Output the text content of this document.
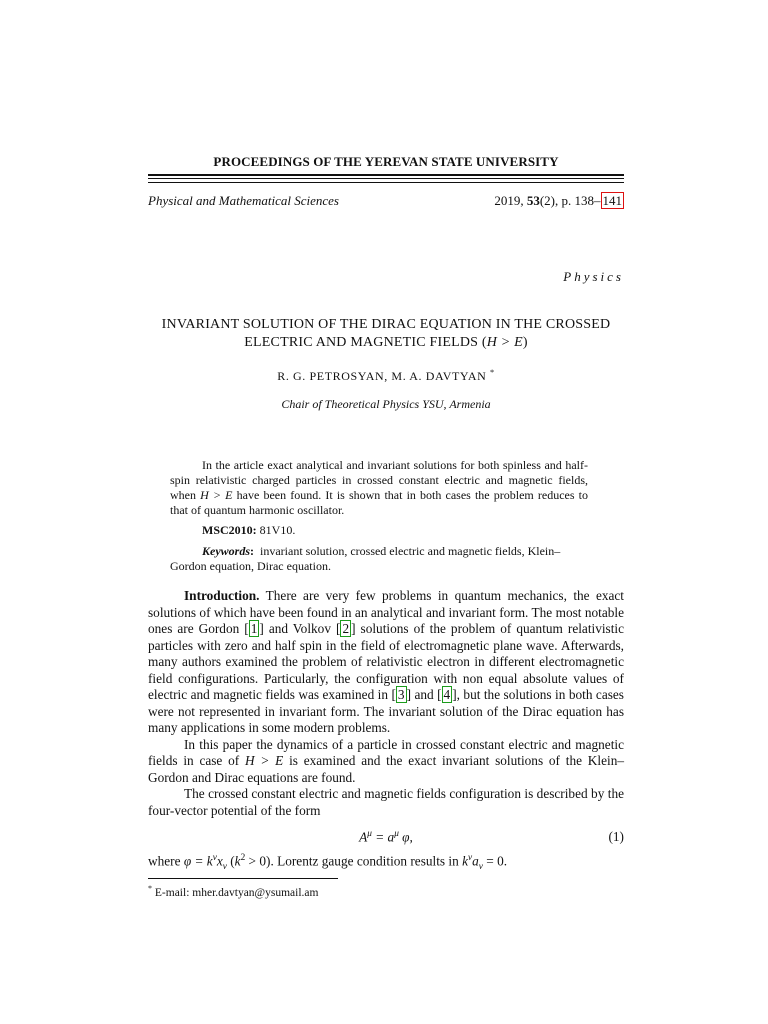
PROCEEDINGS OF THE YEREVAN STATE UNIVERSITY
Physical and Mathematical Sciences	2019, 53(2), p. 138– 141
Physics
INVARIANT SOLUTION OF THE DIRAC EQUATION IN THE CROSSED
ELECTRIC AND MAGNETIC FIELDS (H > E)
R. G. PETROSYAN, M. A. DAVTYAN *
Chair of Theoretical Physics YSU, Armenia

In the article exact analytical and invariant solutions for both spinless and half-spin relativistic charged particles in crossed constant electric and magnetic fields, when H > E have been found. It is shown that in both cases the problem reduces to that of quantum harmonic oscillator.

MSC2010: 81V10.
Keywords: invariant solution, crossed electric and magnetic fields, Klein–Gordon equation, Dirac equation.

Introduction. There are very few problems in quantum mechanics, the exact solutions of which have been found in an analytical and invariant form. The most notable ones are Gordon [ 1 ] and Volkov [ 2 ] solutions of the problem of quantum relativistic particles with zero and half spin in the field of electromagnetic plane wave. Afterwards, many authors examined the problem of relativistic electron in different electromagnetic field configurations. Particularly, the configuration with non equal absolute values of electric and magnetic fields was examined in [ 3 ] and [ 4 ], but the solutions in both cases were not represented in invariant form. The invariant solution of the Dirac equation has many applications in some modern problems.

In this paper the dynamics of a particle in crossed constant electric and magnetic fields in case of H > E is examined and the exact invariant solutions of the Klein–Gordon and Dirac equations are found.

The crossed constant electric and magnetic fields configuration is described by the four-vector potential of the form

$A^\mu = a^\mu$ φ,	(1)
where $\varphi = k^\nu x_\nu$ $(k^2 > 0)$. Lorentz gauge condition results in $k^\nu a_\nu = 0$.
* E-mail: mher.davtyan@ysumail.am
